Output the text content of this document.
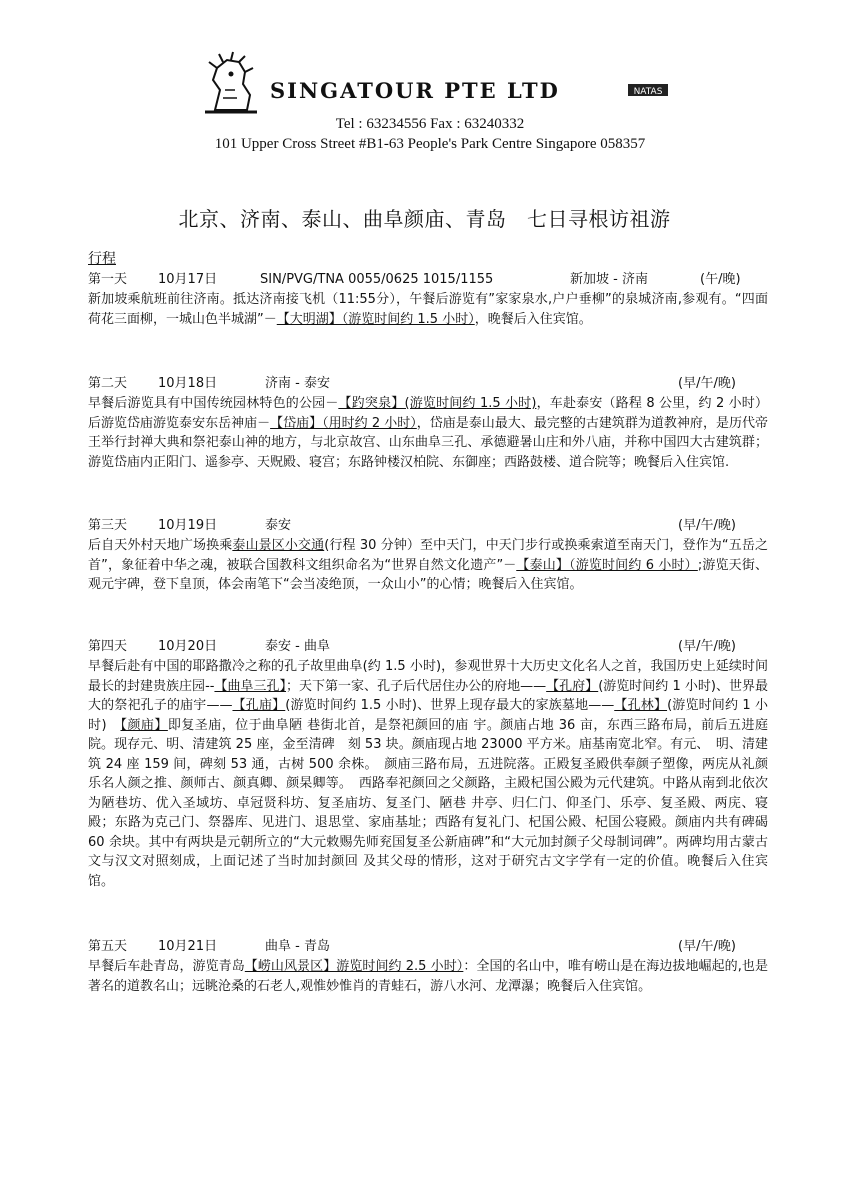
SINGATOUR PTE LTD	NATAS
Tel : 63234556 Fax : 63240332
101 Upper Cross Street #B1-63 People's Park Centre Singapore 058357
北京、济南、泰山、曲阜颜庙、青岛　七日寻根访祖游
行程
第一天 10月17日	SIN/PVG/TNA 0055/0625 1015/1155	新加坡 - 济南	(午/晚)
新加坡乘航班前往济南。抵达济南接飞机（11:55分），午餐后游览有”家家泉水,户户垂柳”的泉城济南,参观有。“四面荷花三面柳，一城山色半城湖”－【大明湖】（游览时间约 1.5 小时），晚餐后入住宾馆。
第二天 10月18日	济南 - 泰安	(早/午/晚)
早餐后游览具有中国传统园林特色的公园－【趵突泉】(游览时间约 1.5 小时)，车赴泰安（路程 8 公里，约 2 小时）后游览岱庙游览泰安东岳神庙－【岱庙】（用时约 2 小时），岱庙是泰山最大、最完整的古建筑群为道教神府，是历代帝王举行封禅大典和祭祀泰山神的地方，与北京故宫、山东曲阜三孔、承德避暑山庄和外八庙，并称中国四大古建筑群；游览岱庙内正阳门、遥参亭、天贶殿、寝宫；东路钟楼汉柏院、东御座；西路鼓楼、道合院等；晚餐后入住宾馆.
第三天 10月19日	泰安	(早/午/晚)
后自天外村天地广场换乘泰山景区小交通(行程 30 分钟）至中天门，中天门步行或换乘索道至南天门，登作为“五岳之首”，象征着中华之魂，被联合国教科文组织命名为“世界自然文化遗产”－【泰山】（游览时间约 6 小时）;游览天街、观元宇碑，登下皇顶，体会南笔下“会当凌绝顶，一众山小”的心情；晚餐后入住宾馆。
第四天 10月20日	泰安 - 曲阜	(早/午/晚)
早餐后赴有中国的耶路撒冷之称的孔子故里曲阜(约 1.5 小时)，参观世界十大历史文化名人之首，我国历史上延续时间最长的封建贵族庄园--【曲阜三孔】；天下第一家、孔子后代居住办公的府地——【孔府】(游览时间约 1 小时)、世界最大的祭祀孔子的庙宇——【孔庙】(游览时间约 1.5 小时)、世界上现存最大的家族墓地——【孔林】(游览时间约 1 小时)　【颜庙】即复圣庙，位于曲阜陋 巷街北首，是祭祀颜回的庙 宇。颜庙占地 36 亩，东西三路布局，前后五进庭院。现存元、明、清建筑 25 座，金至清碑　刻 53 块。颜庙现占地 23000 平方米。庙基南宽北窄。有元、　明、清建筑 24 座 159 间，碑刻 53 通，古树 500 余株。　颜庙三路布局，五进院落。正殿复圣殿供奉颜子塑像，两庑从礼颜乐名人颜之推、颜师古、颜真卿、颜杲卿等。　西路奉祀颜回之父颜路，主殿杞国公殿为元代建筑。中路从南到北依次为陋巷坊、优入圣域坊、卓冠贤科坊、复圣庙坊、复圣门、陋巷 井亭、归仁门、仰圣门、乐亭、复圣殿、两庑、寝殿；东路为克己门、祭器库、见进门、退思堂、家庙基址；西路有复礼门、杞国公殿、杞国公寝殿。颜庙内共有碑碣 60 余块。其中有两块是元朝所立的“大元敕赐先师兖国复圣公新庙碑”和“大元加封颜子父母制词碑”。两碑均用古蒙古文与汉文对照刻成，上面记述了当时加封颜回 及其父母的情形，这对于研究古文字学有一定的价值。晚餐后入住宾馆。
第五天 10月21日	曲阜 - 青岛	(早/午/晚)
早餐后车赴青岛，游览青岛【崂山风景区】游览时间约 2.5 小时）：全国的名山中，唯有崂山是在海边拔地崛起的,也是著名的道教名山；远眺沧桑的石老人,观惟妙惟肖的青蛙石，游八水河、龙潭瀑；晚餐后入住宾馆。
